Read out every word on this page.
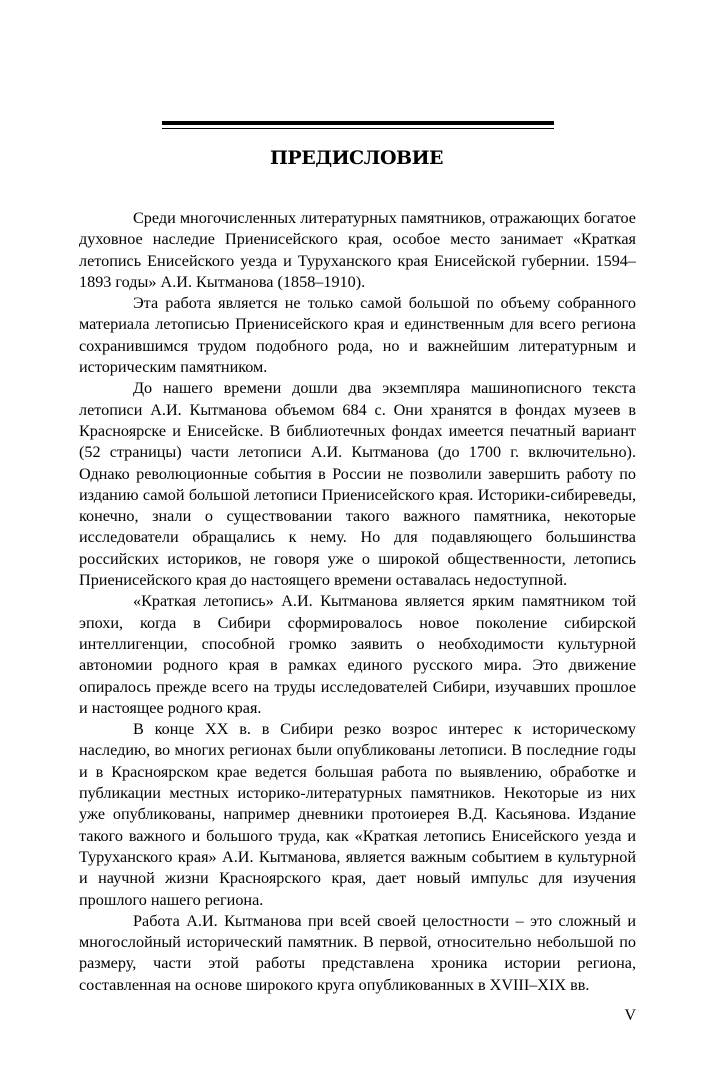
ПРЕДИСЛОВИЕ

Среди многочисленных литературных памятников, отражающих богатое духовное наследие Приенисейского края, особое место занимает «Краткая летопись Енисейского уезда и Туруханского края Енисейской губернии. 1594–1893 годы» А.И. Кытманова (1858–1910).

Эта работа является не только самой большой по объему собранного материала летописью Приенисейского края и единственным для всего региона сохранившимся трудом подобного рода, но и важнейшим литературным и историческим памятником.

До нашего времени дошли два экземпляра машинописного текста летописи А.И. Кытманова объемом 684 с. Они хранятся в фондах музеев в Красноярске и Енисейске. В библиотечных фондах имеется печатный вариант (52 страницы) части летописи А.И. Кытманова (до 1700 г. включительно). Однако революционные события в России не позволили завершить работу по изданию самой большой летописи Приенисейского края. Историки-сибиреведы, конечно, знали о существовании такого важного памятника, некоторые исследователи обращались к нему. Но для подавляющего большинства российских историков, не говоря уже о широкой общественности, летопись Приенисейского края до настоящего времени оставалась недоступной.

«Краткая летопись» А.И. Кытманова является ярким памятником той эпохи, когда в Сибири сформировалось новое поколение сибирской интеллигенции, способной громко заявить о необходимости культурной автономии родного края в рамках единого русского мира. Это движение опиралось прежде всего на труды исследователей Сибири, изучавших прошлое и настоящее родного края.

В конце XX в. в Сибири резко возрос интерес к историческому наследию, во многих регионах были опубликованы летописи. В последние годы и в Красноярском крае ведется большая работа по выявлению, обработке и публикации местных историко-литературных памятников. Некоторые из них уже опубликованы, например дневники протоиерея В.Д. Касьянова. Издание такого важного и большого труда, как «Краткая летопись Енисейского уезда и Туруханского края» А.И. Кытманова, является важным событием в культурной и научной жизни Красноярского края, дает новый импульс для изучения прошлого нашего региона.

Работа А.И. Кытманова при всей своей целостности – это сложный и многослойный исторический памятник. В первой, относительно небольшой по размеру, части этой работы представлена хроника истории региона, составленная на основе широкого круга опубликованных в XVIII–XIX вв.

V
